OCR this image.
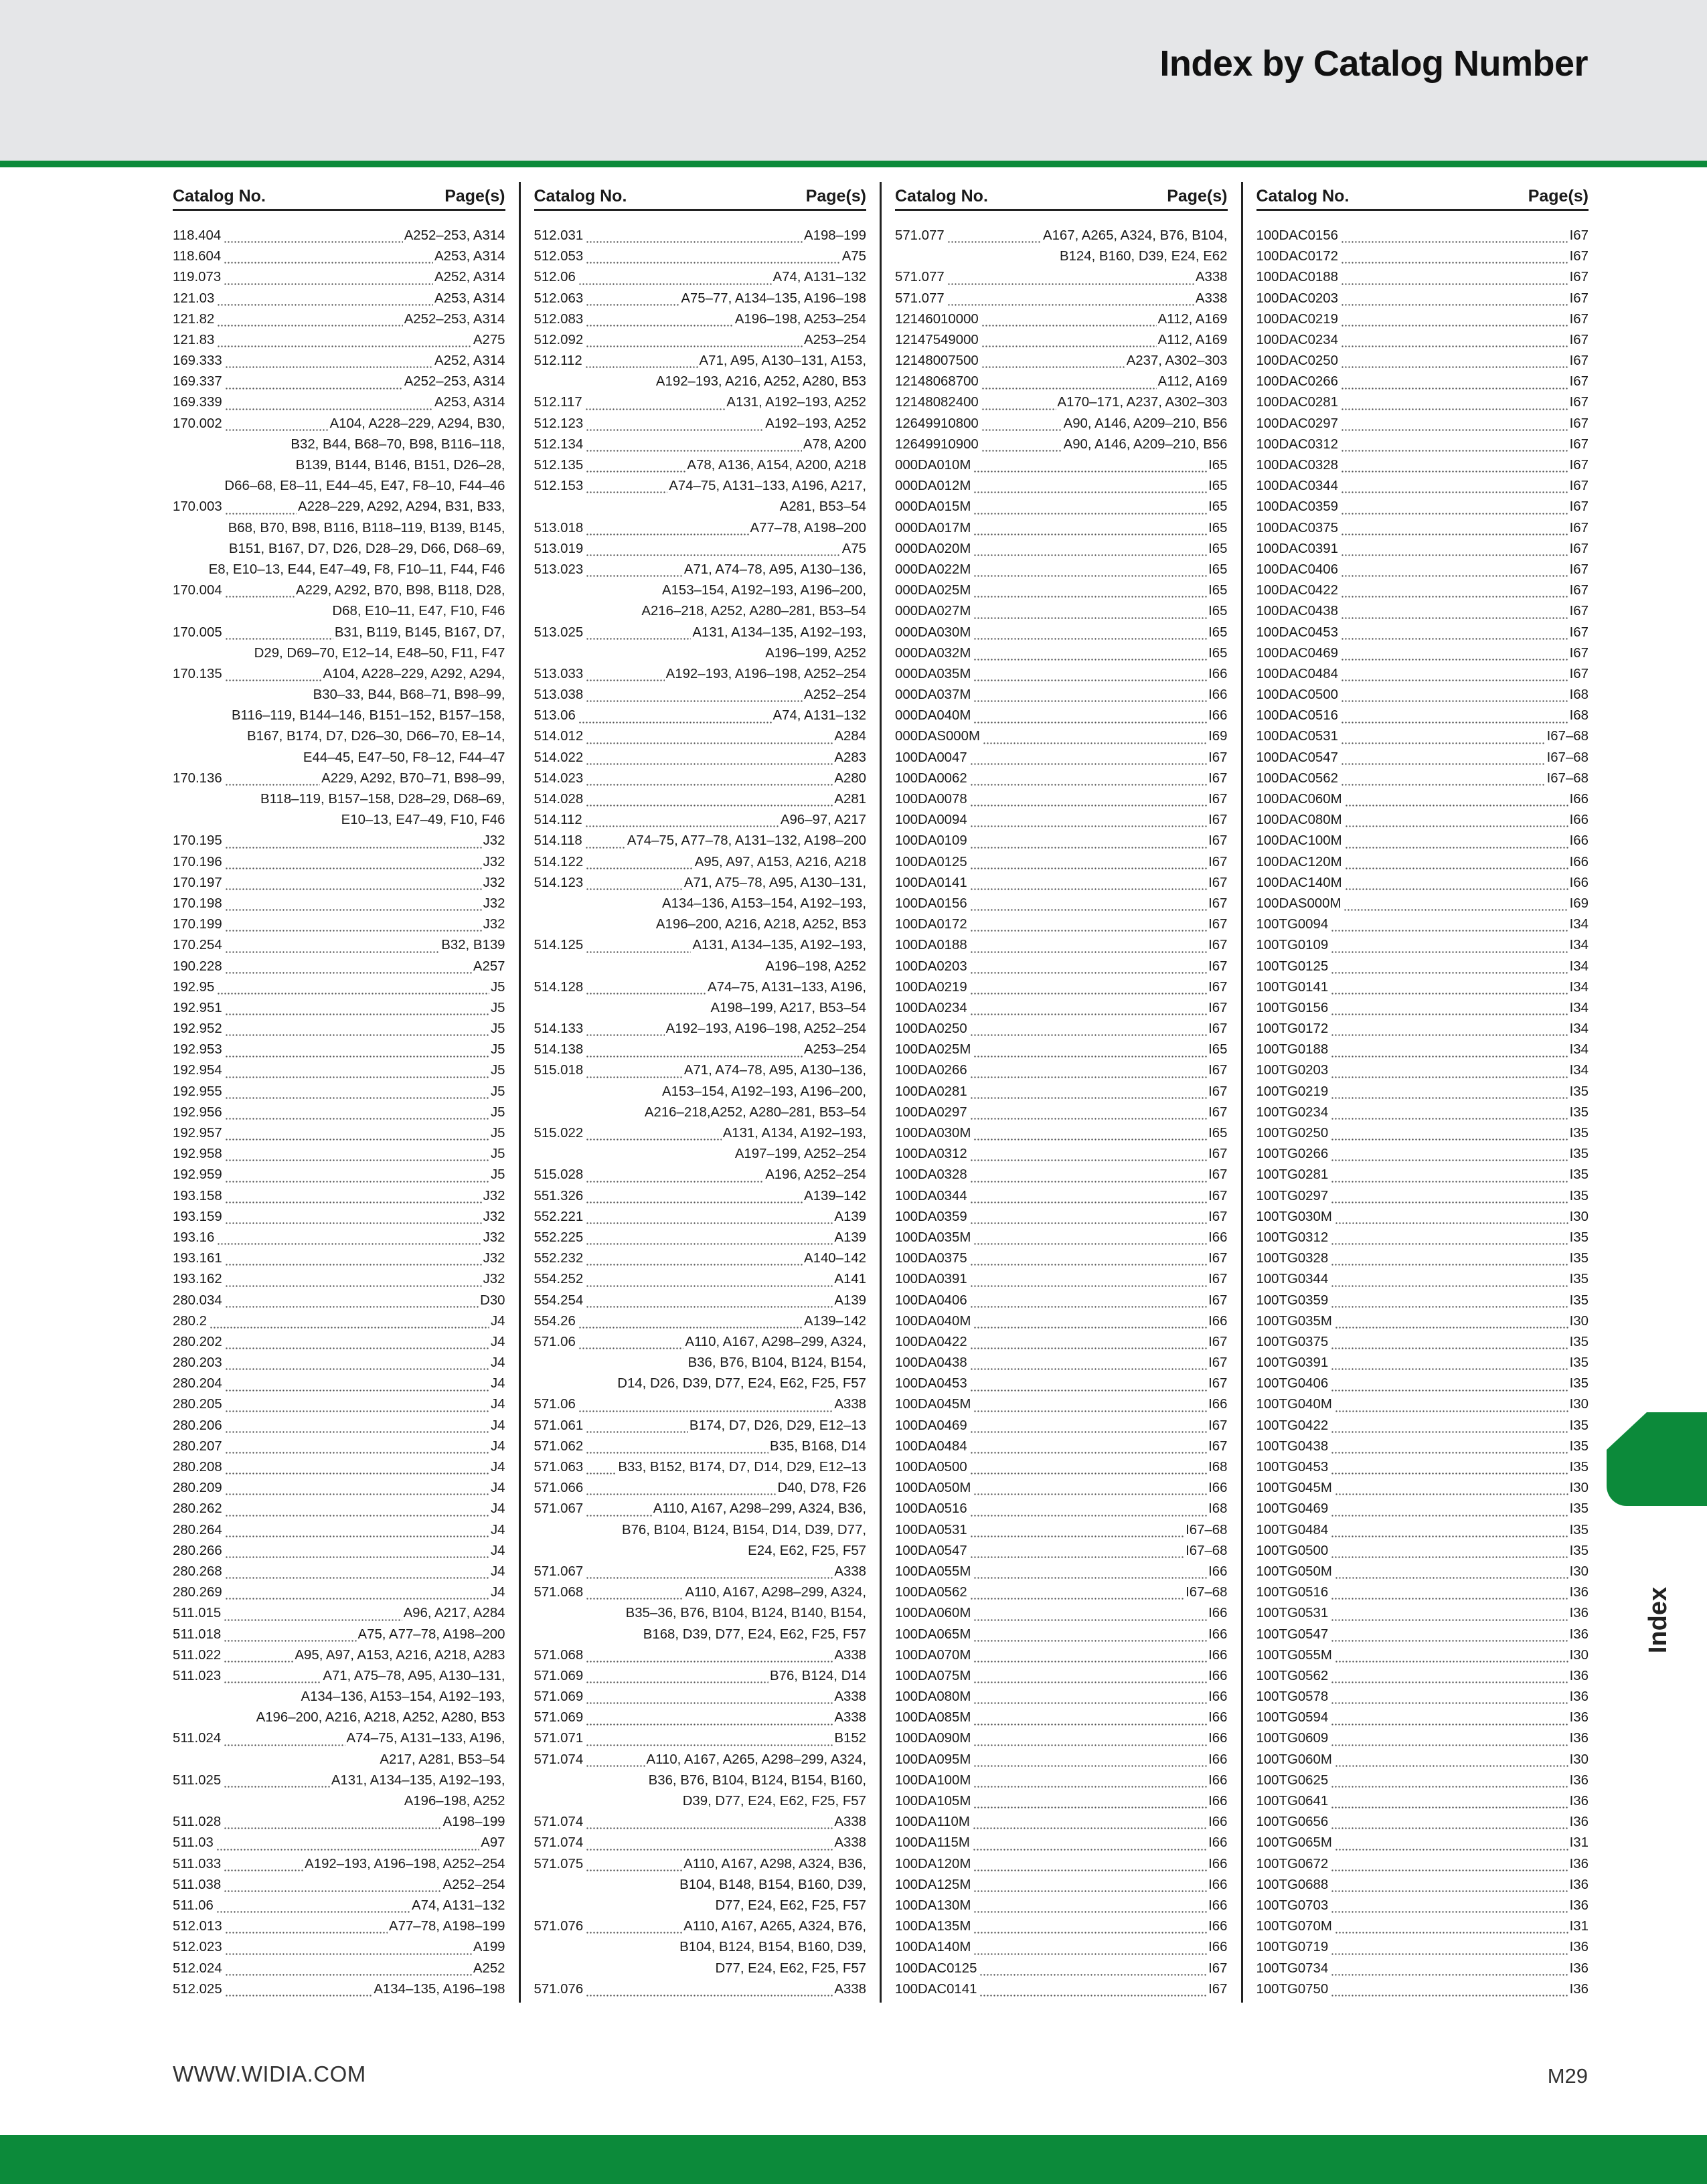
Index by Catalog Number
Catalog No.	Page(s)
118.404	A252–253, A314
118.604	A253, A314
119.073	A252, A314
121.03	A253, A314
121.82	A252–253, A314
121.83	A275
169.333	A252, A314
169.337	A252–253, A314
169.339	A253, A314
170.002	A104, A228–229, A294, B30,
B32, B44, B68–70, B98, B116–118,
B139, B144, B146, B151, D26–28,
D66–68, E8–11, E44–45, E47, F8–10, F44–46
170.003	A228–229, A292, A294, B31, B33,
B68, B70, B98, B116, B118–119, B139, B145,
B151, B167, D7, D26, D28–29, D66, D68–69,
E8, E10–13, E44, E47–49, F8, F10–11, F44, F46
170.004	A229, A292, B70, B98, B118, D28,
D68, E10–11, E47, F10, F46
170.005	B31, B119, B145, B167, D7,
D29, D69–70, E12–14, E48–50, F11, F47
170.135	A104, A228–229, A292, A294,
B30–33, B44, B68–71, B98–99,
B116–119, B144–146, B151–152, B157–158,
B167, B174, D7, D26–30, D66–70, E8–14,
E44–45, E47–50, F8–12, F44–47
170.136	A229, A292, B70–71, B98–99,
B118–119, B157–158, D28–29, D68–69,
E10–13, E47–49, F10, F46
170.195	J32
170.196	J32
170.197	J32
170.198	J32
170.199	J32
170.254	B32, B139
190.228	A257
192.95	J5
192.951	J5
192.952	J5
192.953	J5
192.954	J5
192.955	J5
192.956	J5
192.957	J5
192.958	J5
192.959	J5
193.158	J32
193.159	J32
193.16	J32
193.161	J32
193.162	J32
280.034	D30
280.2	J4
280.202	J4
280.203	J4
280.204	J4
280.205	J4
280.206	J4
280.207	J4
280.208	J4
280.209	J4
280.262	J4
280.264	J4
280.266	J4
280.268	J4
280.269	J4
511.015	A96, A217, A284
511.018	A75, A77–78, A198–200
511.022	A95, A97, A153, A216, A218, A283
511.023	A71, A75–78, A95, A130–131,
A134–136, A153–154, A192–193,
A196–200, A216, A218, A252, A280, B53
511.024	A74–75, A131–133, A196,
A217, A281, B53–54
511.025	A131, A134–135, A192–193,
A196–198, A252
511.028	A198–199
511.03	A97
511.033	A192–193, A196–198, A252–254
511.038	A252–254
511.06	A74, A131–132
512.013	A77–78, A198–199
512.023	A199
512.024	A252
512.025	A134–135, A196–198
Catalog No.	Page(s)
512.031	A198–199
512.053	A75
512.06	A74, A131–132
512.063	A75–77, A134–135, A196–198
512.083	A196–198, A253–254
512.092	A253–254
512.112	A71, A95, A130–131, A153,
A192–193, A216, A252, A280, B53
512.117	A131, A192–193, A252
512.123	A192–193, A252
512.134	A78, A200
512.135	A78, A136, A154, A200, A218
512.153	A74–75, A131–133, A196, A217,
A281, B53–54
513.018	A77–78, A198–200
513.019	A75
513.023	A71, A74–78, A95, A130–136,
A153–154, A192–193, A196–200,
A216–218, A252, A280–281, B53–54
513.025	A131, A134–135, A192–193,
A196–199, A252
513.033	A192–193, A196–198, A252–254
513.038	A252–254
513.06	A74, A131–132
514.012	A284
514.022	A283
514.023	A280
514.028	A281
514.112	A96–97, A217
514.118	A74–75, A77–78, A131–132, A198–200
514.122	A95, A97, A153, A216, A218
514.123	A71, A75–78, A95, A130–131,
A134–136, A153–154, A192–193,
A196–200, A216, A218, A252, B53
514.125	A131, A134–135, A192–193,
A196–198, A252
514.128	A74–75, A131–133, A196,
A198–199, A217, B53–54
514.133	A192–193, A196–198, A252–254
514.138	A253–254
515.018	A71, A74–78, A95, A130–136,
A153–154, A192–193, A196–200,
A216–218,A252, A280–281, B53–54
515.022	A131, A134, A192–193,
A197–199, A252–254
515.028	A196, A252–254
551.326	A139–142
552.221	A139
552.225	A139
552.232	A140–142
554.252	A141
554.254	A139
554.26	A139–142
571.06	A110, A167, A298–299, A324,
B36, B76, B104, B124, B154,
D14, D26, D39, D77, E24, E62, F25, F57
571.06	A338
571.061	B174, D7, D26, D29, E12–13
571.062	B35, B168, D14
571.063	B33, B152, B174, D7, D14, D29, E12–13
571.066	D40, D78, F26
571.067	A110, A167, A298–299, A324, B36,
B76, B104, B124, B154, D14, D39, D77,
E24, E62, F25, F57
571.067	A338
571.068	A110, A167, A298–299, A324,
B35–36, B76, B104, B124, B140, B154,
B168, D39, D77, E24, E62, F25, F57
571.068	A338
571.069	B76, B124, D14
571.069	A338
571.069	A338
571.071	B152
571.074	A110, A167, A265, A298–299, A324,
B36, B76, B104, B124, B154, B160,
D39, D77, E24, E62, F25, F57
571.074	A338
571.074	A338
571.075	A110, A167, A298, A324, B36,
B104, B148, B154, B160, D39,
D77, E24, E62, F25, F57
571.076	A110, A167, A265, A324, B76,
B104, B124, B154, B160, D39,
D77, E24, E62, F25, F57
571.076	A338
Catalog No.	Page(s)
571.077	A167, A265, A324, B76, B104,
B124, B160, D39, E24, E62
571.077	A338
571.077	A338
12146010000	A112, A169
12147549000	A112, A169
12148007500	A237, A302–303
12148068700	A112, A169
12148082400	A170–171, A237, A302–303
12649910800	A90, A146, A209–210, B56
12649910900	A90, A146, A209–210, B56
000DA010M	I65
000DA012M	I65
000DA015M	I65
000DA017M	I65
000DA020M	I65
000DA022M	I65
000DA025M	I65
000DA027M	I65
000DA030M	I65
000DA032M	I65
000DA035M	I66
000DA037M	I66
000DA040M	I66
000DAS000M	I69
100DA0047	I67
100DA0062	I67
100DA0078	I67
100DA0094	I67
100DA0109	I67
100DA0125	I67
100DA0141	I67
100DA0156	I67
100DA0172	I67
100DA0188	I67
100DA0203	I67
100DA0219	I67
100DA0234	I67
100DA0250	I67
100DA025M	I65
100DA0266	I67
100DA0281	I67
100DA0297	I67
100DA030M	I65
100DA0312	I67
100DA0328	I67
100DA0344	I67
100DA0359	I67
100DA035M	I66
100DA0375	I67
100DA0391	I67
100DA0406	I67
100DA040M	I66
100DA0422	I67
100DA0438	I67
100DA0453	I67
100DA045M	I66
100DA0469	I67
100DA0484	I67
100DA0500	I68
100DA050M	I66
100DA0516	I68
100DA0531	I67–68
100DA0547	I67–68
100DA055M	I66
100DA0562	I67–68
100DA060M	I66
100DA065M	I66
100DA070M	I66
100DA075M	I66
100DA080M	I66
100DA085M	I66
100DA090M	I66
100DA095M	I66
100DA100M	I66
100DA105M	I66
100DA110M	I66
100DA115M	I66
100DA120M	I66
100DA125M	I66
100DA130M	I66
100DA135M	I66
100DA140M	I66
100DAC0125	I67
100DAC0141	I67
Catalog No.	Page(s)
100DAC0156	I67
100DAC0172	I67
100DAC0188	I67
100DAC0203	I67
100DAC0219	I67
100DAC0234	I67
100DAC0250	I67
100DAC0266	I67
100DAC0281	I67
100DAC0297	I67
100DAC0312	I67
100DAC0328	I67
100DAC0344	I67
100DAC0359	I67
100DAC0375	I67
100DAC0391	I67
100DAC0406	I67
100DAC0422	I67
100DAC0438	I67
100DAC0453	I67
100DAC0469	I67
100DAC0484	I67
100DAC0500	I68
100DAC0516	I68
100DAC0531	I67–68
100DAC0547	I67–68
100DAC0562	I67–68
100DAC060M	I66
100DAC080M	I66
100DAC100M	I66
100DAC120M	I66
100DAC140M	I66
100DAS000M	I69
100TG0094	I34
100TG0109	I34
100TG0125	I34
100TG0141	I34
100TG0156	I34
100TG0172	I34
100TG0188	I34
100TG0203	I34
100TG0219	I35
100TG0234	I35
100TG0250	I35
100TG0266	I35
100TG0281	I35
100TG0297	I35
100TG030M	I30
100TG0312	I35
100TG0328	I35
100TG0344	I35
100TG0359	I35
100TG035M	I30
100TG0375	I35
100TG0391	I35
100TG0406	I35
100TG040M	I30
100TG0422	I35
100TG0438	I35
100TG0453	I35
100TG045M	I30
100TG0469	I35
100TG0484	I35
100TG0500	I35
100TG050M	I30
100TG0516	I36
100TG0531	I36
100TG0547	I36
100TG055M	I30
100TG0562	I36
100TG0578	I36
100TG0594	I36
100TG0609	I36
100TG060M	I30
100TG0625	I36
100TG0641	I36
100TG0656	I36
100TG065M	I31
100TG0672	I36
100TG0688	I36
100TG0703	I36
100TG070M	I31
100TG0719	I36
100TG0734	I36
100TG0750	I36
Index
WWW.WIDIA.COM	M29
